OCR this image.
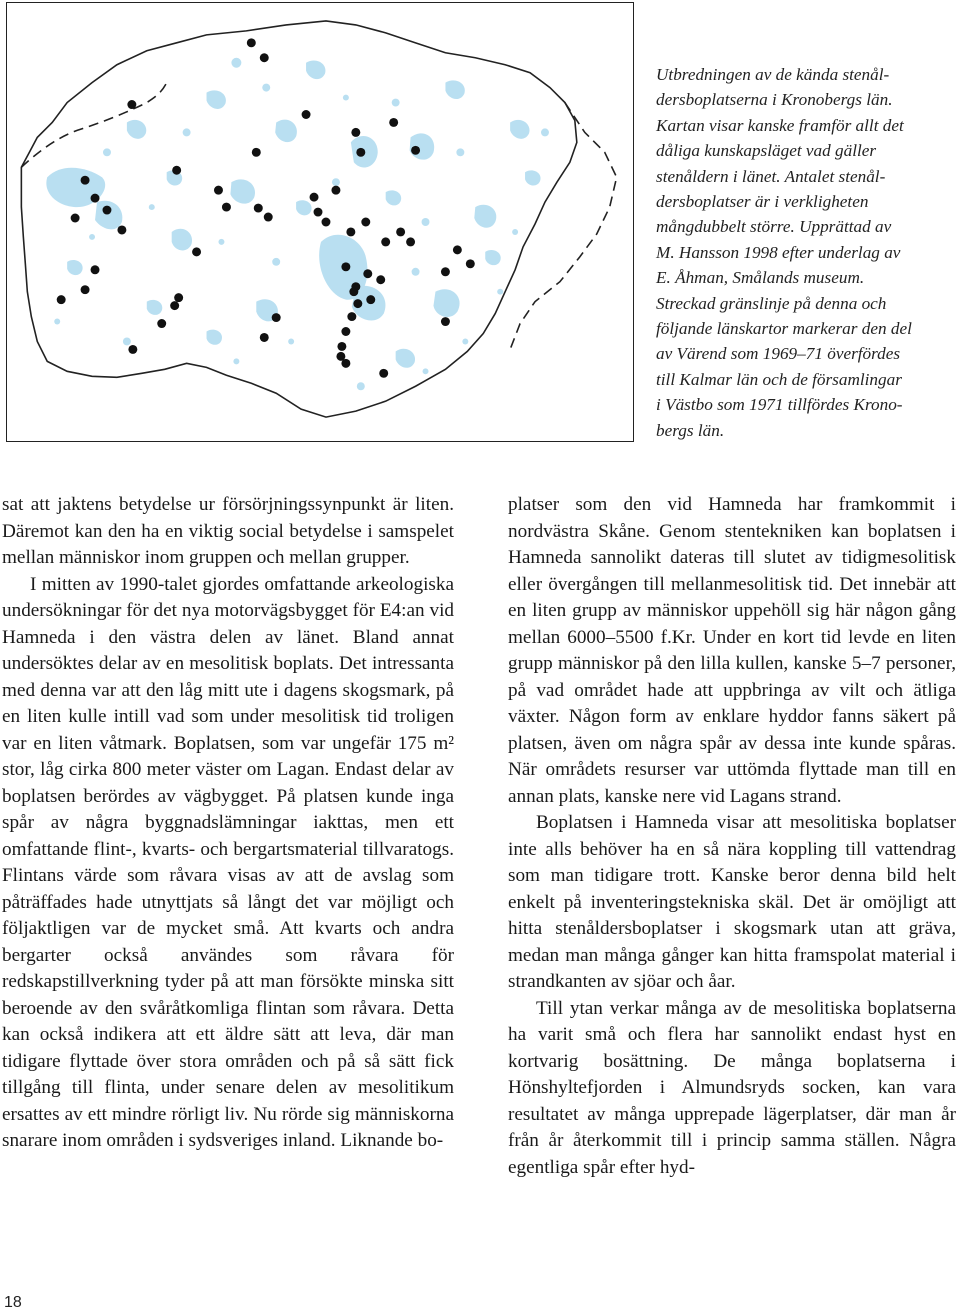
Utbredningen av de kända stenål-

dersboplatserna i Kronobergs län.

Kartan visar kanske framför allt det

dåliga kunskapsläget vad gäller

stenåldern i länet. Antalet stenål-

dersboplatser är i verkligheten

mångdubbelt större. Upprättad av

M. Hansson 1998 efter underlag av

E. Åhman, Smålands museum.

Streckad gränslinje på denna och

följande länskartor markerar den del

av Värend som 1969–71 överfördes

till Kalmar län och de församlingar

i Västbo som 1971 tillfördes Krono-

bergs län.

sat att jaktens betydelse ur försörjningssynpunkt är liten. Däremot kan den ha en viktig social betydelse i samspelet mellan människor inom gruppen och mellan grupper.

I mitten av 1990-talet gjordes omfattande arkeologiska undersökningar för det nya motorvägsbygget för E4:an vid Hamneda i den västra delen av länet. Bland annat undersöktes delar av en mesolitisk boplats. Det intressanta med denna var att den låg mitt ute i dagens skogsmark, på en liten kulle intill vad som under mesolitisk tid troligen var en liten våtmark. Boplatsen, som var ungefär 175 m² stor, låg cirka 800 meter väster om Lagan. Endast delar av boplatsen berördes av vägbygget. På platsen kunde inga spår av några byggnadslämningar iakttas, men ett omfattande flint-, kvarts- och bergartsmaterial tillvaratogs. Flintans värde som råvara visas av att de avslag som påträffades hade utnyttjats så långt det var möjligt och följaktligen var de mycket små. Att kvarts och andra bergarter också användes som råvara för redskapstillverkning tyder på att man försökte minska sitt beroende av den svåråtkomliga flintan som råvara. Detta kan också indikera att ett äldre sätt att leva, där man tidigare flyttade över stora områden och på så sätt fick tillgång till flinta, under senare delen av mesolitikum ersattes av ett mindre rörligt liv. Nu rörde sig människorna snarare inom områden i sydsveriges inland. Liknande bo-

platser som den vid Hamneda har framkommit i nordvästra Skåne. Genom stentekniken kan boplatsen i Hamneda sannolikt dateras till slutet av tidigmesolitisk eller övergången till mellanmesolitisk tid. Det innebär att en liten grupp av människor uppehöll sig här någon gång mellan 6000–5500 f.Kr. Under en kort tid levde en liten grupp människor på den lilla kullen, kanske 5–7 personer, på vad området hade att uppbringa av vilt och ätliga växter. Någon form av enklare hyddor fanns säkert på platsen, även om några spår av dessa inte kunde spåras. När områdets resurser var uttömda flyttade man till en annan plats, kanske nere vid Lagans strand.

Boplatsen i Hamneda visar att mesolitiska boplatser inte alls behöver ha en så nära koppling till vattendrag som man tidigare trott. Kanske beror denna bild helt enkelt på inventeringstekniska skäl. Det är omöjligt att hitta stenåldersboplatser i skogsmark utan att gräva, medan man många gånger kan hitta framspolat material i strandkanten av sjöar och åar.

Till ytan verkar många av de mesolitiska boplatserna ha varit små och flera har sannolikt endast hyst en kortvarig bosättning. De många boplatserna i Hönshyltefjorden i Almundsryds socken, kan vara resultatet av många upprepade lägerplatser, där man år från år återkommit till i princip samma ställen. Några egentliga spår efter hyd-

18
